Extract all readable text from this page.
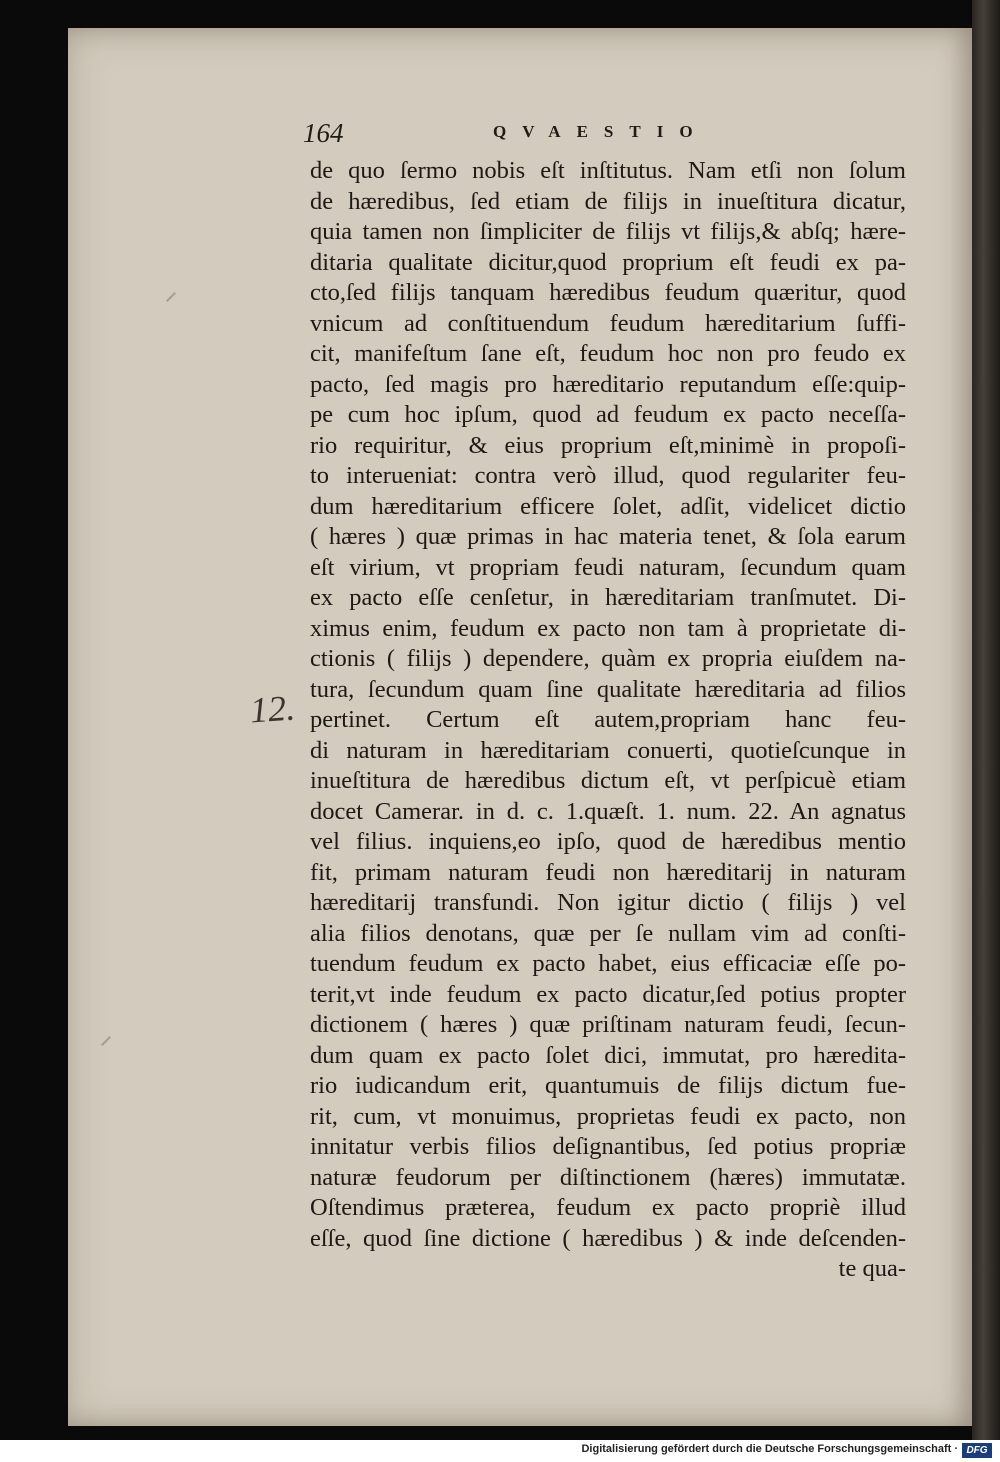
164	QVAESTIO
12.
de quo ſermo nobis eſt inſtitutus. Nam etſi non ſolum
de hæredibus, ſed etiam de filijs in inueſtitura dicatur,
quia tamen non ſimpliciter de filijs vt filijs,& abſq; hære-
ditaria qualitate dicitur,quod proprium eſt feudi ex pa-
cto,ſed filijs tanquam hæredibus feudum quæritur, quod
vnicum ad conſtituendum feudum hæreditarium ſuffi-
cit, manifeſtum ſane eſt, feudum hoc non pro feudo ex
pacto, ſed magis pro hæreditario reputandum eſſe:quip-
pe cum hoc ipſum, quod ad feudum ex pacto neceſſa-
rio requiritur, & eius proprium eſt,minimè in propoſi-
to interueniat: contra verò illud, quod regulariter feu-
dum hæreditarium efficere ſolet, adſit, videlicet dictio
( hæres ) quæ primas in hac materia tenet, & ſola earum
eſt virium, vt propriam feudi naturam, ſecundum quam
ex pacto eſſe cenſetur, in hæreditariam tranſmutet. Di-
ximus enim, feudum ex pacto non tam à proprietate di-
ctionis ( filijs ) dependere, quàm ex propria eiuſdem na-
tura, ſecundum quam ſine qualitate hæreditaria ad filios
pertinet. Certum eſt autem,propriam hanc feu-
di naturam in hæreditariam conuerti, quotieſcunque in
inueſtitura de hæredibus dictum eſt, vt perſpicuè etiam
docet Camerar. in d. c. 1.quæſt. 1. num. 22. An agnatus
vel filius. inquiens,eo ipſo, quod de hæredibus mentio
fit, primam naturam feudi non hæreditarij in naturam
hæreditarij transfundi. Non igitur dictio ( filijs ) vel
alia filios denotans, quæ per ſe nullam vim ad conſti-
tuendum feudum ex pacto habet, eius efficaciæ eſſe po-
terit,vt inde feudum ex pacto dicatur,ſed potius propter
dictionem ( hæres ) quæ priſtinam naturam feudi, ſecun-
dum quam ex pacto ſolet dici, immutat, pro hæredita-
rio iudicandum erit, quantumuis de filijs dictum fue-
rit, cum, vt monuimus, proprietas feudi ex pacto, non
innitatur verbis filios deſignantibus, ſed potius propriæ
naturæ feudorum per diſtinctionem (hæres) immutatæ.
Oſtendimus præterea, feudum ex pacto propriè illud
eſſe, quod ſine dictione ( hæredibus ) & inde deſcenden-
te qua-
Digitalisierung gefördert durch die Deutsche Forschungsgemeinschaft · DFG
